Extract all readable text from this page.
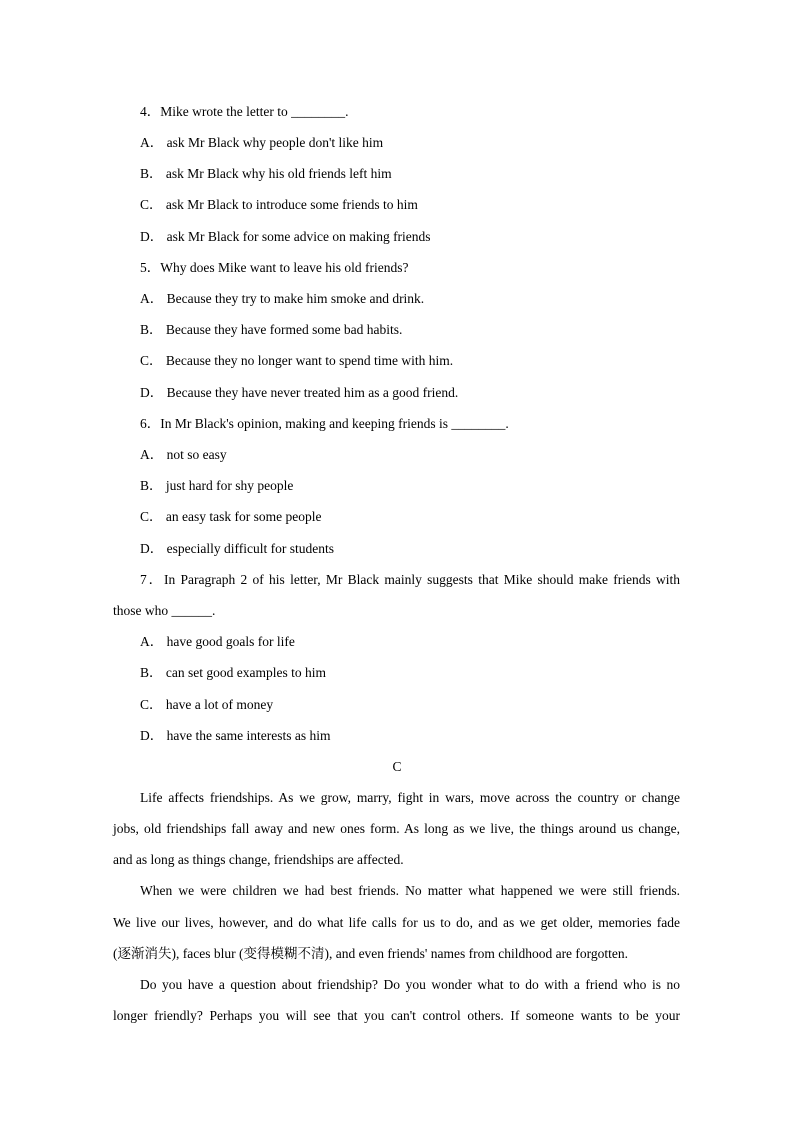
4．Mike wrote the letter to ________.
A． ask Mr Black why people don't like him
B． ask Mr Black why his old friends left him
C． ask Mr Black to introduce some friends to him
D． ask Mr Black for some advice on making friends
5．Why does Mike want to leave his old friends?
A． Because they try to make him smoke and drink.
B． Because they have formed some bad habits.
C． Because they no longer want to spend time with him.
D． Because they have never treated him as a good friend.
6．In Mr Black's opinion, making and keeping friends is ________.
A． not so easy
B． just hard for shy people
C． an easy task for some people
D． especially difficult for students
7．In Paragraph 2 of his letter, Mr Black mainly suggests that Mike should make friends with
those who ______.
A． have good goals for life
B． can set good examples to him
C． have a lot of money
D． have the same interests as him
C
Life affects friendships. As we grow, marry, fight in wars, move across the country or change
jobs, old friendships fall away and new ones form. As long as we live, the things around us change,
and as long as things change, friendships are affected.
When we were children we had best friends. No matter what happened we were still friends.
We live our lives, however, and do what life calls for us to do, and as we get older, memories fade
(逐渐消失), faces blur (变得模糊不清), and even friends' names from childhood are forgotten.
Do you have a question about friendship? Do you wonder what to do with a friend who is no
longer friendly? Perhaps you will see that you can't control others. If someone wants to be your
